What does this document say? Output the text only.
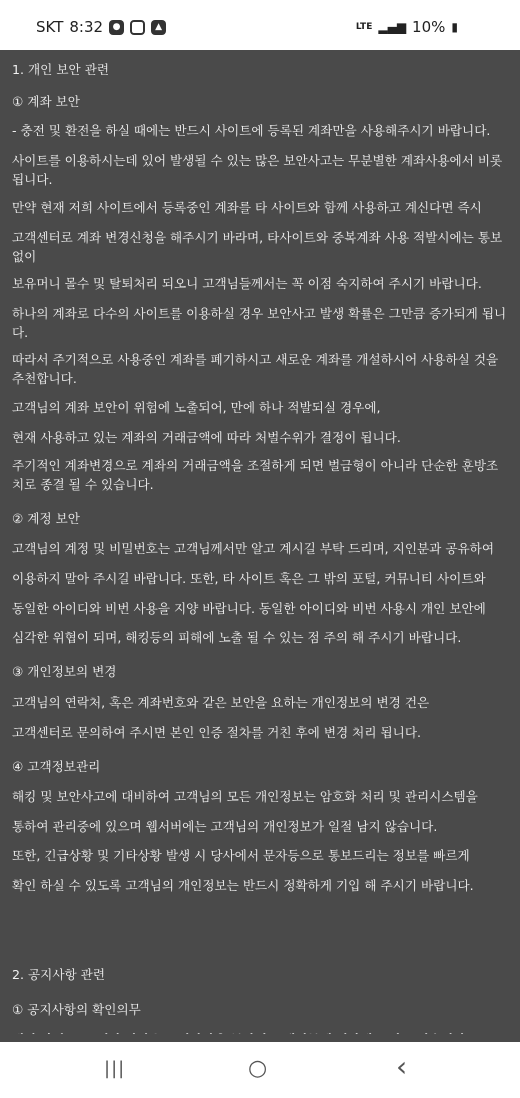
SKT 8:32	●	▲	LTE ▂▄▆ 10% ▮
1. 개인 보안 관련
① 계좌 보안
- 충전 및 환전을 하실 때에는 반드시 사이트에 등록된 계좌만을 사용해주시기 바랍니다.
사이트를 이용하시는데 있어 발생될 수 있는 많은 보안사고는 무분별한 계좌사용에서 비롯됩니다.
만약 현재 저희 사이트에서 등록중인 계좌를 타 사이트와 함께 사용하고 계신다면 즉시
고객센터로 계좌 변경신청을 해주시기 바라며, 타사이트와 중복계좌 사용 적발시에는 통보없이
보유머니 몰수 및 탈퇴처리 되오니 고객님들께서는 꼭 이점 숙지하여 주시기 바랍니다.
하나의 계좌로 다수의 사이트를 이용하실 경우 보안사고 발생 확률은 그만큼 증가되게 됩니다.
따라서 주기적으로 사용중인 계좌를 폐기하시고 새로운 계좌를 개설하시어 사용하실 것을 추천합니다.
고객님의 계좌 보안이 위험에 노출되어, 만에 하나 적발되실 경우에,
현재 사용하고 있는 계좌의 거래금액에 따라 처벌수위가 결정이 됩니다.
주기적인 계좌변경으로 계좌의 거래금액을 조절하게 되면 벌금형이 아니라 단순한 훈방조치로 종결 될 수 있습니다.
② 계정 보안
고객님의 계정 및 비밀번호는 고객님께서만 알고 계시길 부탁 드리며, 지인분과 공유하여
이용하지 말아 주시길 바랍니다. 또한, 타 사이트 혹은 그 밖의 포털, 커뮤니티 사이트와
동일한 아이디와 비번 사용을 지양 바랍니다. 동일한 아이디와 비번 사용시 개인 보안에
심각한 위협이 되며, 해킹등의 피해에 노출 될 수 있는 점 주의 해 주시기 바랍니다.
③ 개인정보의 변경
고객님의 연락처, 혹은 계좌번호와 같은 보안을 요하는 개인정보의 변경 건은
고객센터로 문의하여 주시면 본인 인증 절차를 거친 후에 변경 처리 됩니다.
④ 고객정보관리
해킹 및 보안사고에 대비하여 고객님의 모든 개인정보는 암호화 처리 및 관리시스템을
통하여 관리중에 있으며 웹서버에는 고객님의 개인정보가 일절 남지 않습니다.
또한, 긴급상황 및 기타상황 발생 시 당사에서 문자등으로 통보드리는 정보를 빠르게
확인 하실 수 있도록 고객님의 개인정보는 반드시 정확하게 기입 해 주시기 바랍니다.
2. 공지사항 관련
① 공지사항의 확인의무
|||	○	‹
